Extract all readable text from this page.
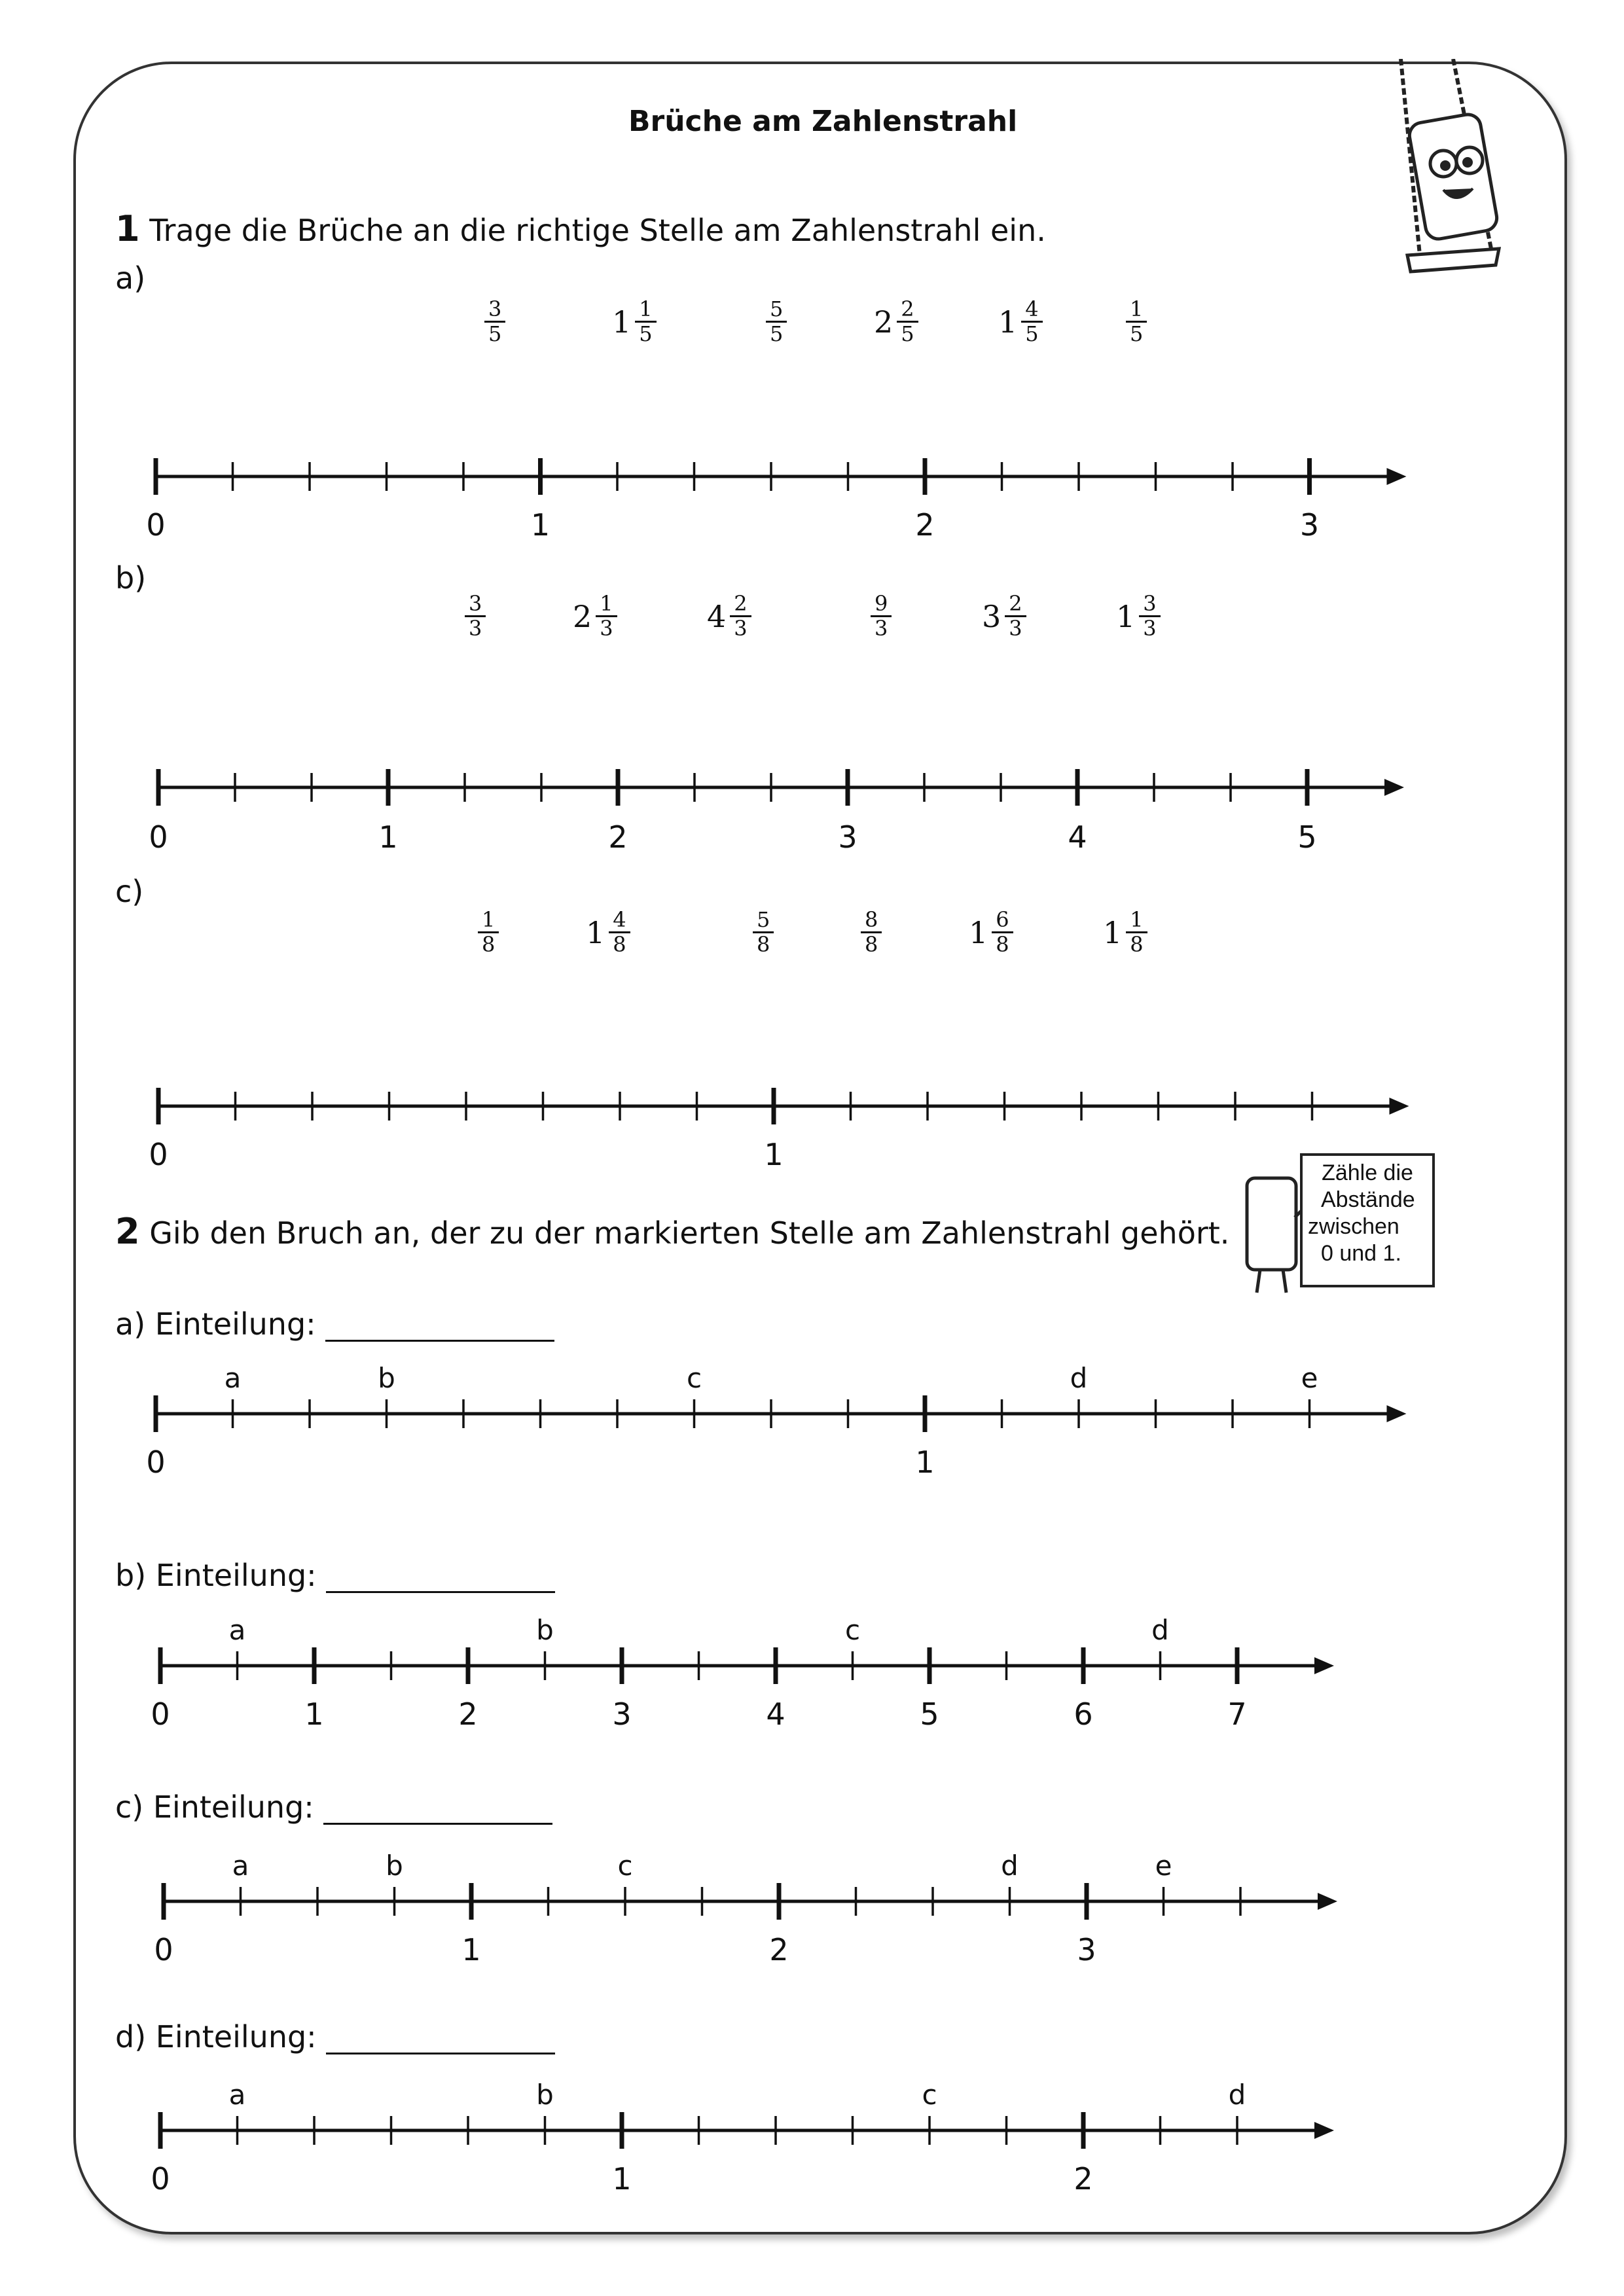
Brüche am Zahlenstrahl
1 Trage die Brüche an die richtige Stelle am Zahlenstrahl ein.
a)
b)
c)
$\frac{3}{5}$	$1 \frac{1}{5}$	$\frac{5}{5}$	$2 \frac{2}{5}$	$1 \frac{4}{5}$	$\frac{1}{5}$
$\frac{3}{3}$	$2 \frac{1}{3}$	$4 \frac{2}{3}$	$\frac{9}{3}$	$3 \frac{2}{3}$	$1 \frac{3}{3}$
$\frac{1}{8}$	$1 \frac{4}{8}$	$\frac{5}{8}$	$\frac{8}{8}$	$1 \frac{6}{8}$	$1 \frac{1}{8}$
2 Gib den Bruch an, der zu der markierten Stelle am Zahlenstrahl gehört.
Zähle die
Abstände
zwischen
0 und 1.
a) Einteilung:
b) Einteilung:
c) Einteilung:
d) Einteilung:
0	1	2	3
0	1	2	3	4	5
0	1
0	1
a	b	c	d	e
0	1	2	3	4	5	6	7
a	b	c	d
0	1	2	3
a	b	c	d	e
0	1	2
a	b	c	d
